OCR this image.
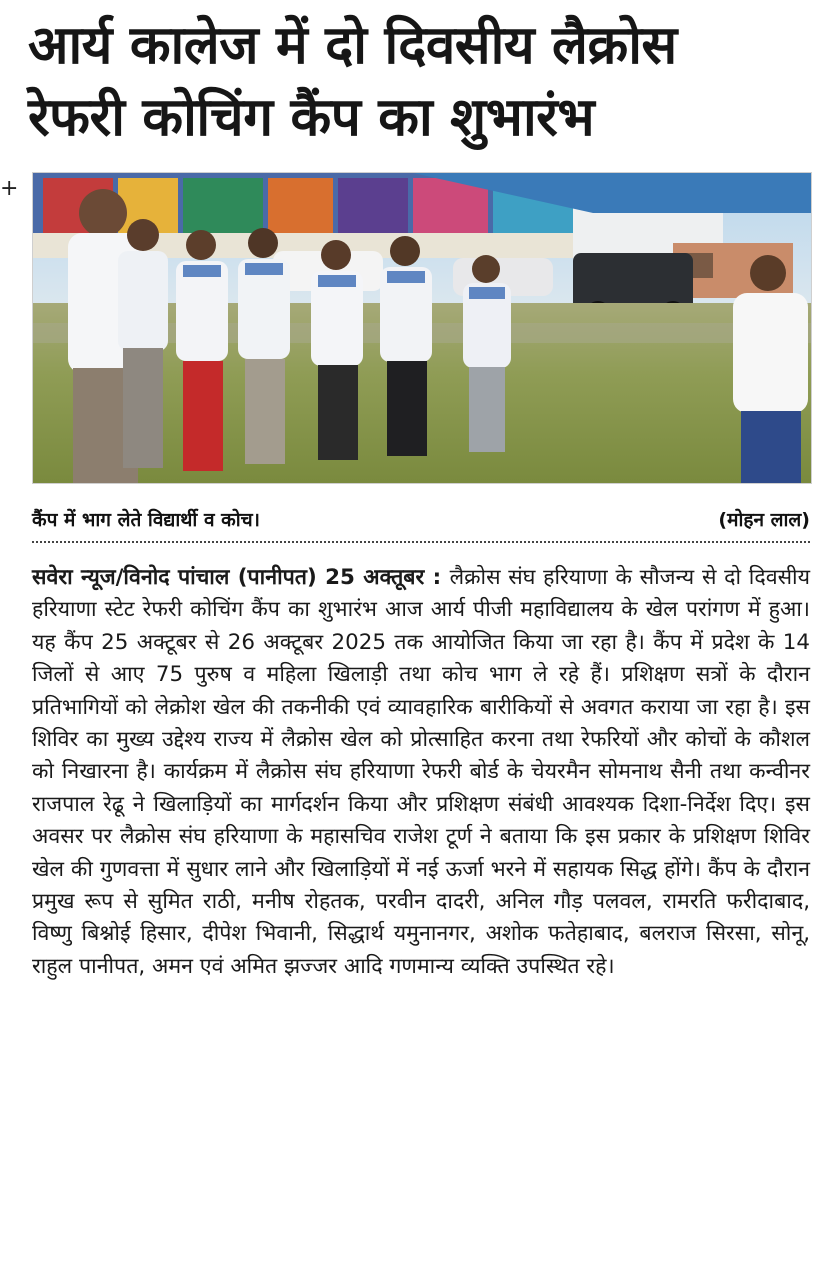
आर्य कालेज में दो दिवसीय लैक्रोस
रेफरी कोचिंग कैंप का शुभारंभ
+
कैंप में भाग लेते विद्यार्थी व कोच।	(मोहन लाल)

सवेरा न्यूज/विनोद पांचाल (पानीपत) 25 अक्तूबर : लैक्रोस संघ हरियाणा के सौजन्य से दो दिवसीय हरियाणा स्टेट रेफरी कोचिंग कैंप का शुभारंभ आज आर्य पीजी महाविद्यालय के खेल परांगण में हुआ। यह कैंप 25 अक्टूबर से 26 अक्टूबर 2025 तक आयोजित किया जा रहा है। कैंप में प्रदेश के 14 जिलों से आए 75 पुरुष व महिला खिलाड़ी तथा कोच भाग ले रहे हैं। प्रशिक्षण सत्रों के दौरान प्रतिभागियों को लेक्रोश खेल की तकनीकी एवं व्यावहारिक बारीकियों से अवगत कराया जा रहा है। इस शिविर का मुख्य उद्देश्य राज्य में लैक्रोस खेल को प्रोत्साहित करना तथा रेफरियों और कोचों के कौशल को निखारना है। कार्यक्रम में लैक्रोस संघ हरियाणा रेफरी बोर्ड के चेयरमैन सोमनाथ सैनी तथा कन्वीनर राजपाल रेढू ने खिलाड़ियों का मार्गदर्शन किया और प्रशिक्षण संबंधी आवश्यक दिशा-निर्देश दिए। इस अवसर पर लैक्रोस संघ हरियाणा के महासचिव राजेश टूर्ण ने बताया कि इस प्रकार के प्रशिक्षण शिविर खेल की गुणवत्ता में सुधार लाने और खिलाड़ियों में नई ऊर्जा भरने में सहायक सिद्ध होंगे। कैंप के दौरान प्रमुख रूप से सुमित राठी, मनीष रोहतक, परवीन दादरी, अनिल गौड़ पलवल, रामरति फरीदाबाद, विष्णु बिश्नोई हिसार, दीपेश भिवानी, सिद्धार्थ यमुनानगर, अशोक फतेहाबाद, बलराज सिरसा, सोनू, राहुल पानीपत, अमन एवं अमित झज्जर आदि गणमान्य व्यक्ति उपस्थित रहे।
